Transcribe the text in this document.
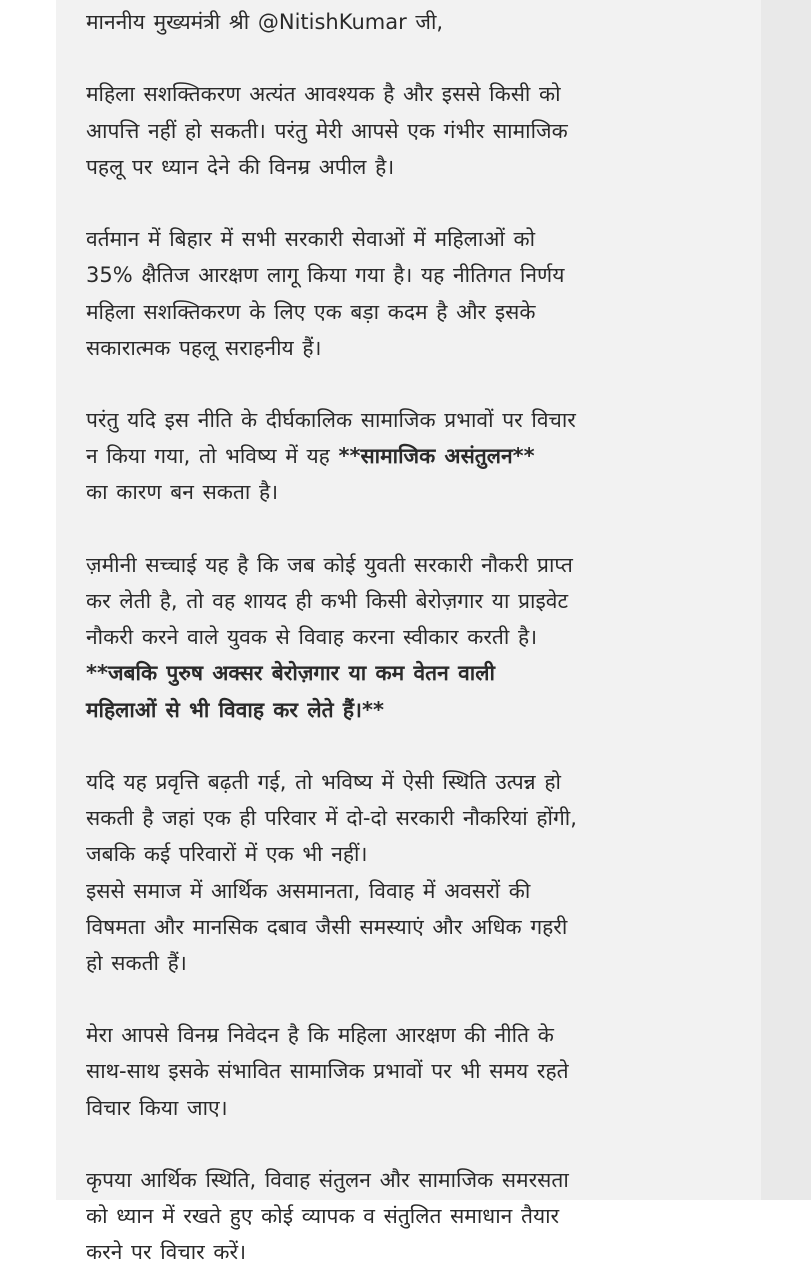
माननीय मुख्यमंत्री श्री @NitishKumar जी,
महिला सशक्तिकरण अत्यंत आवश्यक है और इससे किसी को
आपत्ति नहीं हो सकती। परंतु मेरी आपसे एक गंभीर सामाजिक
पहलू पर ध्यान देने की विनम्र अपील है।
वर्तमान में बिहार में सभी सरकारी सेवाओं में महिलाओं को
35% क्षैतिज आरक्षण लागू किया गया है। यह नीतिगत निर्णय
महिला सशक्तिकरण के लिए एक बड़ा कदम है और इसके
सकारात्मक पहलू सराहनीय हैं।
परंतु यदि इस नीति के दीर्घकालिक सामाजिक प्रभावों पर विचार
न किया गया, तो भविष्य में यह **सामाजिक असंतुलन**
का कारण बन सकता है।
ज़मीनी सच्चाई यह है कि जब कोई युवती सरकारी नौकरी प्राप्त
कर लेती है, तो वह शायद ही कभी किसी बेरोज़गार या प्राइवेट
नौकरी करने वाले युवक से विवाह करना स्वीकार करती है।
**जबकि पुरुष अक्सर बेरोज़गार या कम वेतन वाली
महिलाओं से भी विवाह कर लेते हैं।**
यदि यह प्रवृत्ति बढ़ती गई, तो भविष्य में ऐसी स्थिति उत्पन्न हो
सकती है जहां एक ही परिवार में दो-दो सरकारी नौकरियां होंगी,
जबकि कई परिवारों में एक भी नहीं।
इससे समाज में आर्थिक असमानता, विवाह में अवसरों की
विषमता और मानसिक दबाव जैसी समस्याएं और अधिक गहरी
हो सकती हैं।
मेरा आपसे विनम्र निवेदन है कि महिला आरक्षण की नीति के
साथ-साथ इसके संभावित सामाजिक प्रभावों पर भी समय रहते
विचार किया जाए।
कृपया आर्थिक स्थिति, विवाह संतुलन और सामाजिक समरसता
को ध्यान में रखते हुए कोई व्यापक व संतुलित समाधान तैयार
करने पर विचार करें।
